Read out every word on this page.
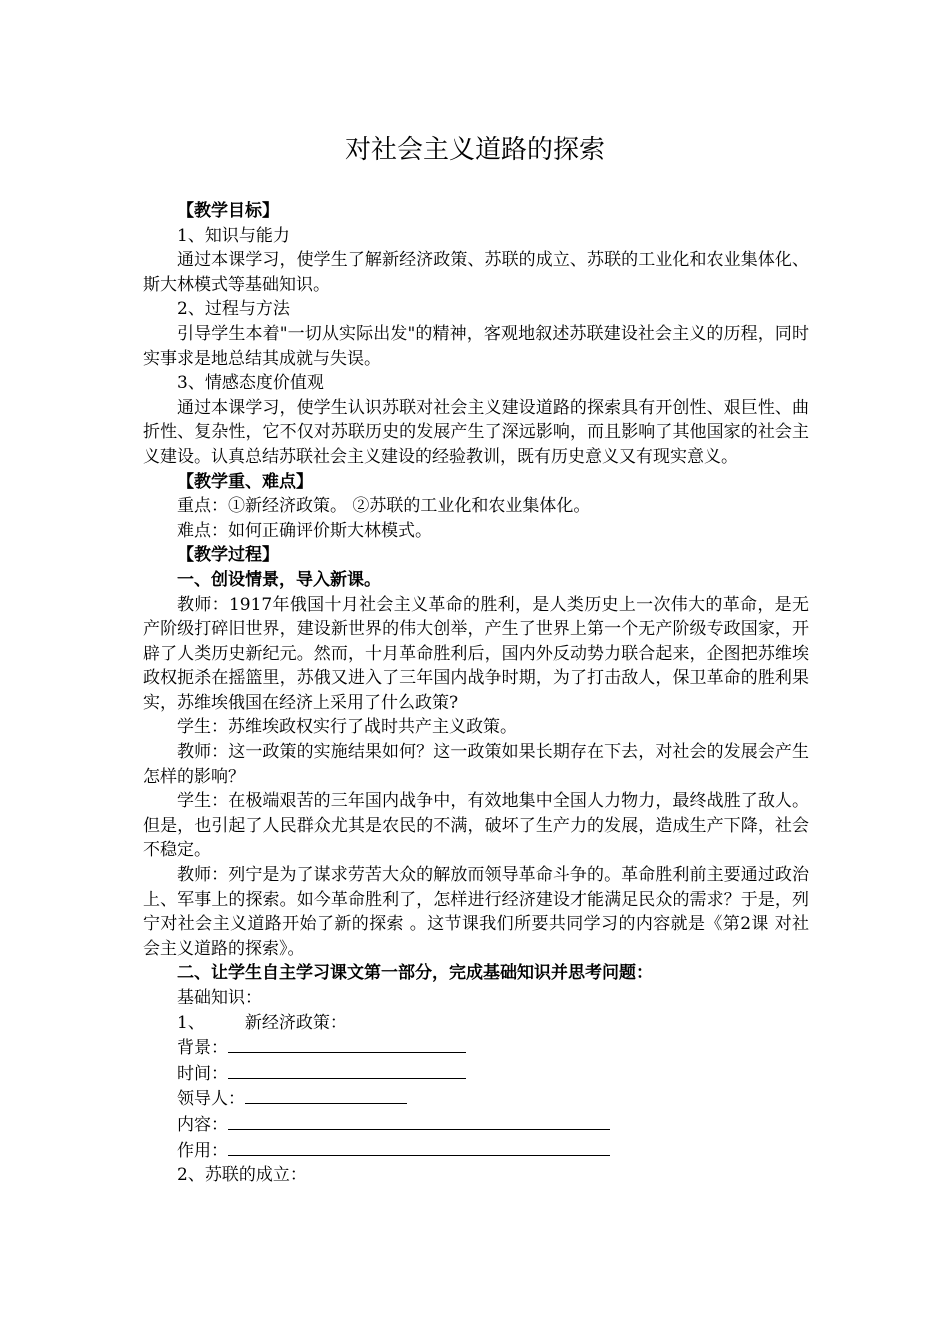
对社会主义道路的探索

【教学目标】

1、知识与能力

通过本课学习，使学生了解新经济政策、苏联的成立、苏联的工业化和农业集体化、斯大林模式等基础知识。

2、过程与方法

引导学生本着"一切从实际出发"的精神，客观地叙述苏联建设社会主义的历程，同时实事求是地总结其成就与失误。

3、情感态度价值观

通过本课学习，使学生认识苏联对社会主义建设道路的探索具有开创性、艰巨性、曲折性、复杂性，它不仅对苏联历史的发展产生了深远影响，而且影响了其他国家的社会主义建设。认真总结苏联社会主义建设的经验教训，既有历史意义又有现实意义。

【教学重、难点】

重点：①新经济政策。 ②苏联的工业化和农业集体化。

难点：如何正确评价斯大林模式。

【教学过程】

一、创设情景，导入新课。

教师：1917年俄国十月社会主义革命的胜利，是人类历史上一次伟大的革命，是无产阶级打碎旧世界，建设新世界的伟大创举，产生了世界上第一个无产阶级专政国家，开辟了人类历史新纪元。然而，十月革命胜利后，国内外反动势力联合起来，企图把苏维埃政权扼杀在摇篮里，苏俄又进入了三年国内战争时期，为了打击敌人，保卫革命的胜利果实，苏维埃俄国在经济上采用了什么政策?

学生：苏维埃政权实行了战时共产主义政策。

教师：这一政策的实施结果如何？这一政策如果长期存在下去，对社会的发展会产生怎样的影响？

学生：在极端艰苦的三年国内战争中，有效地集中全国人力物力，最终战胜了敌人。但是，也引起了人民群众尤其是农民的不满，破坏了生产力的发展，造成生产下降，社会不稳定。

教师：列宁是为了谋求劳苦大众的解放而领导革命斗争的。革命胜利前主要通过政治上、军事上的探索。如今革命胜利了，怎样进行经济建设才能满足民众的需求？于是，列宁对社会主义道路开始了新的探索 。这节课我们所要共同学习的内容就是《第2课 对社会主义道路的探索》。

二、让学生自主学习课文第一部分，完成基础知识并思考问题：

基础知识：

1、 新经济政策：

背景：

时间：

领导人：

内容：

作用：

2、苏联的成立：
